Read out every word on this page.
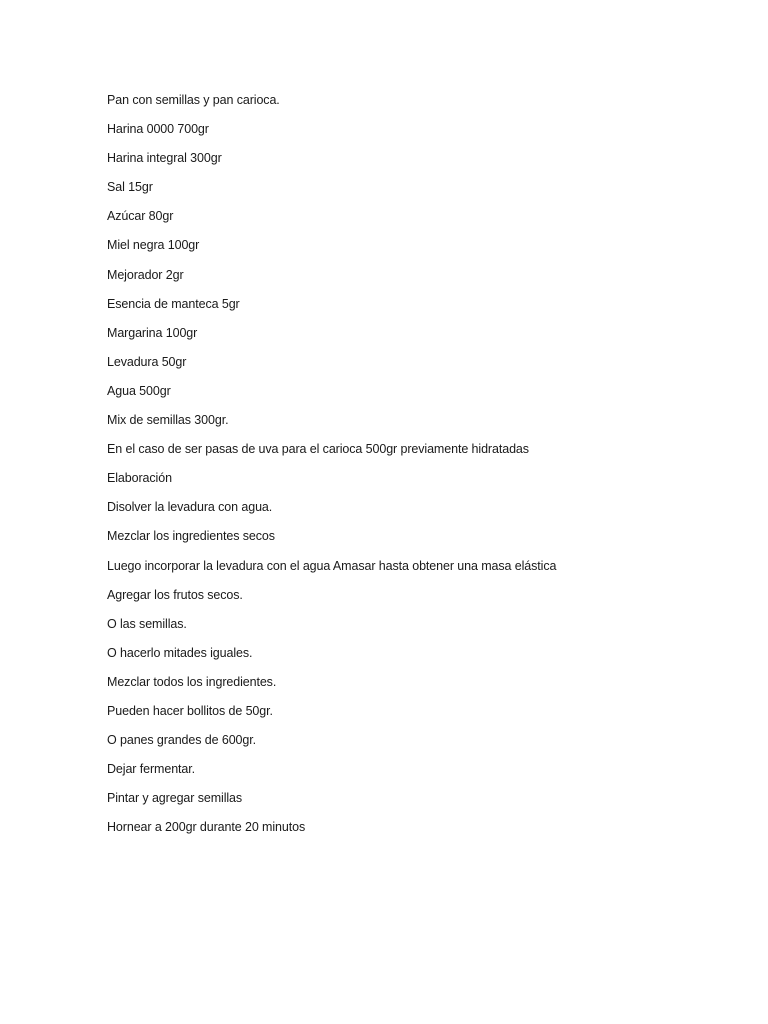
Pan con semillas y pan carioca.
Harina 0000 700gr
Harina integral 300gr
Sal 15gr
Azúcar 80gr
Miel negra 100gr
Mejorador 2gr
Esencia de manteca 5gr
Margarina 100gr
Levadura 50gr
Agua 500gr
Mix de semillas 300gr.
En el caso de ser pasas de uva para el carioca 500gr previamente hidratadas
Elaboración
Disolver la levadura con agua.
Mezclar los ingredientes secos
Luego incorporar la levadura con el agua Amasar hasta obtener una masa elástica
Agregar los frutos secos.
O las semillas.
O hacerlo mitades iguales.
Mezclar todos los ingredientes.
Pueden hacer bollitos de 50gr.
O panes grandes de 600gr.
Dejar fermentar.
Pintar y agregar semillas
Hornear a 200gr durante 20 minutos
